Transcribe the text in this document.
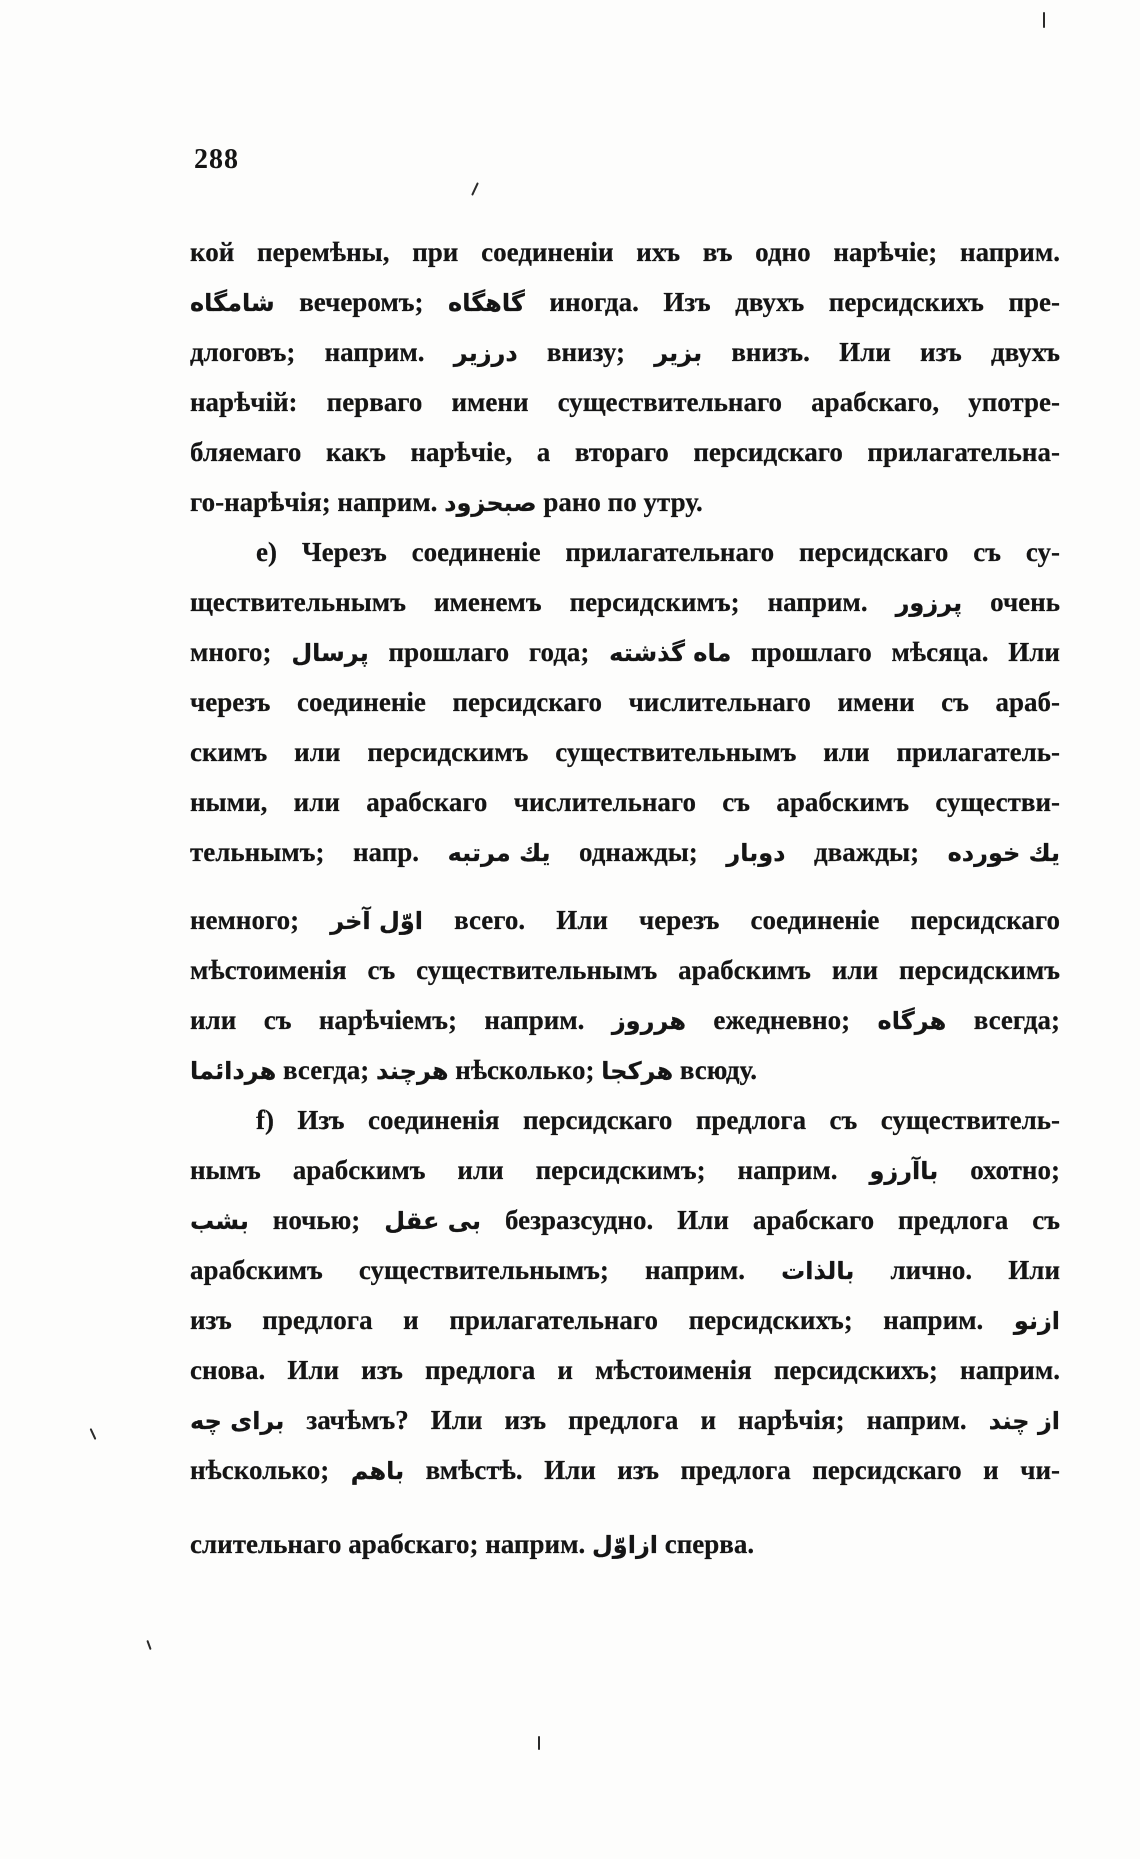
288
кой перемѣны, при соединеніи ихъ въ одно нарѣчіе; наприм.
شامگاه вечеромъ; گاهگاه иногда. Изъ двухъ персидскихъ пре-
длоговъ; наприм. درزير внизу; بزير внизъ. Или изъ двухъ
нарѣчій: перваго имени существительнаго арабскаго, употре-
бляемаго какъ нарѣчіе, а втораго персидскаго прилагательна-
го-нарѣчія; наприм. صبحزود рано по утру.
e) Черезъ соединеніе прилагательнаго персидскаго съ су-
ществительнымъ именемъ персидскимъ; наприм. پرزور очень
много; پرسال прошлаго года; ماه گذشته прошлаго мѣсяца. Или
черезъ соединеніе персидскаго числительнаго имени съ араб-
скимъ или персидскимъ существительнымъ или прилагатель-
ными, или арабскаго числительнаго съ арабскимъ существи-
тельнымъ; напр. يك مرتبه однажды; دوبار дважды; يك خورده
немного; اوّل آخر всего. Или черезъ соединеніе персидскаго
мѣстоименія съ существительнымъ арабскимъ или персидскимъ
или съ нарѣчіемъ; наприм. هرروز ежедневно; هرگاه всегда;
هردائما всегда; هرچند нѣсколько; هركجا всюду.
f) Изъ соединенія персидскаго предлога съ существитель-
нымъ арабскимъ или персидскимъ; наприм. باآرزو охотно;
بشب ночью; بى عقل безразсудно. Или арабскаго предлога съ
арабскимъ существительнымъ; наприм. بالذات лично. Или
изъ предлога и прилагательнаго персидскихъ; наприм. ازنو
снова. Или изъ предлога и мѣстоименія персидскихъ; наприм.
براى چه зачѣмъ? Или изъ предлога и нарѣчія; наприм. از چند
нѣсколько; باهم вмѣстѣ. Или изъ предлога персидскаго и чи-
слительнаго арабскаго; наприм. ازاوّل сперва.
